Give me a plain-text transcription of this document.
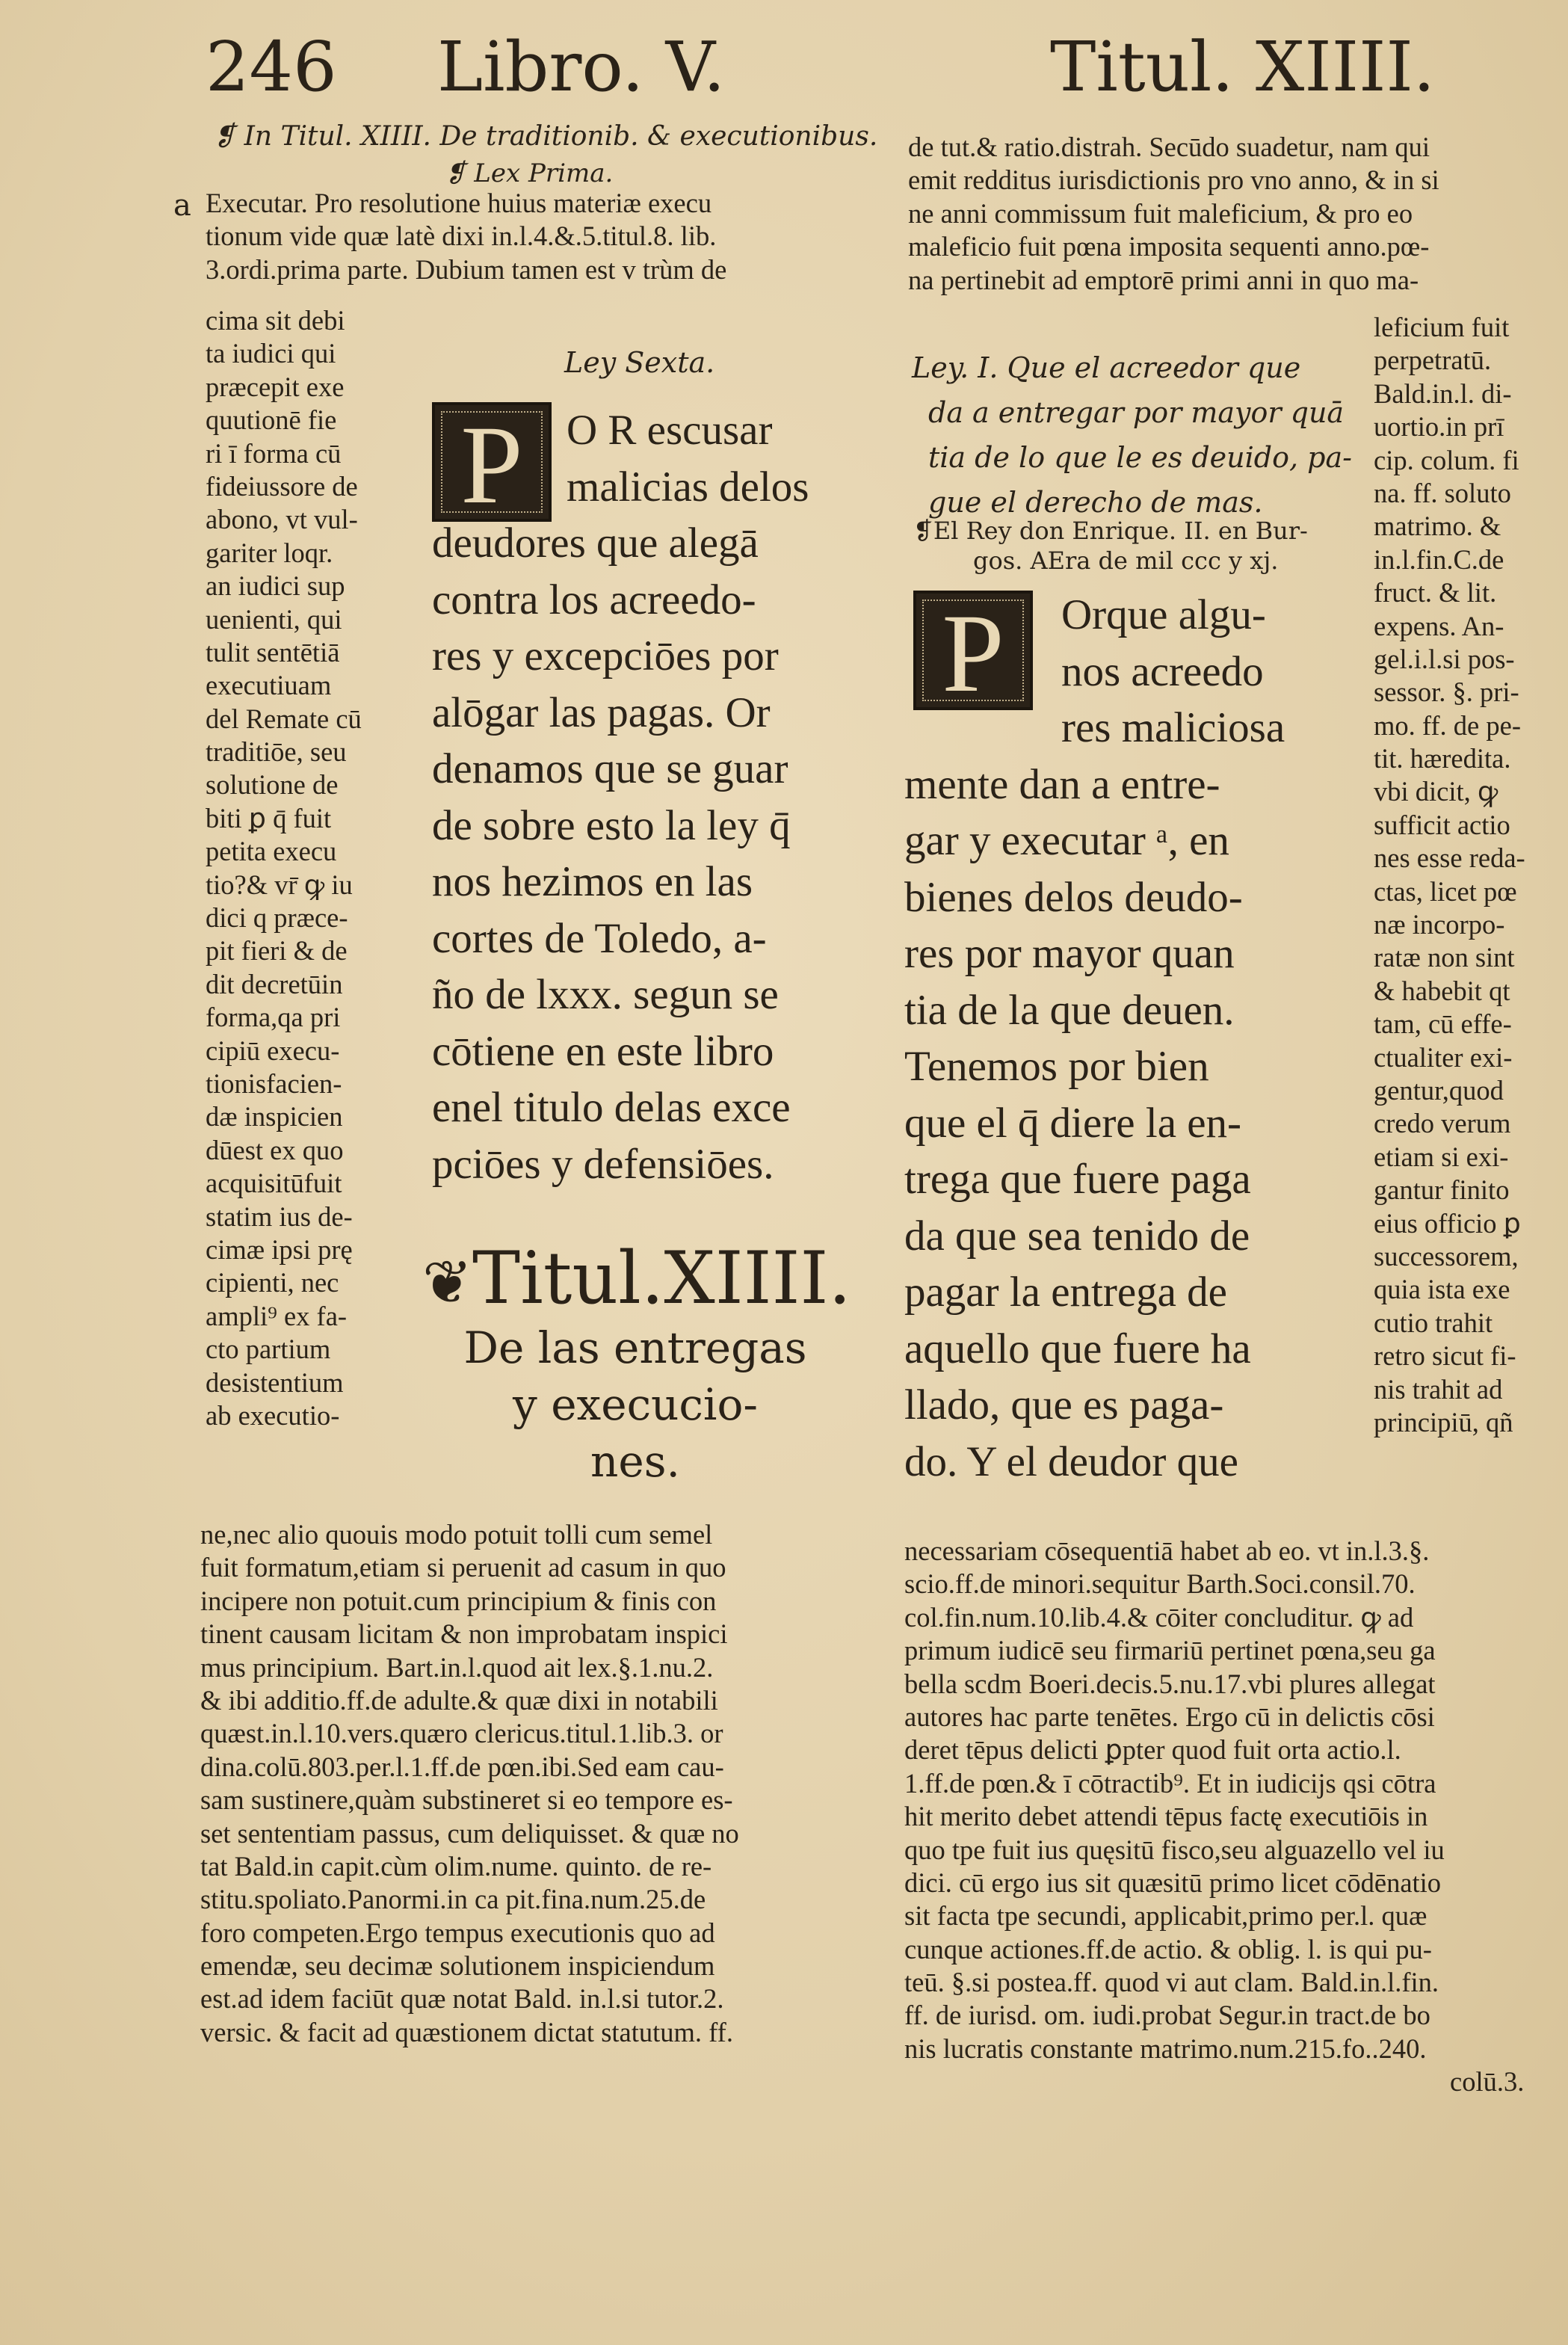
246 Libro. V.	Titul. XIIII.
❡ In Titul. XIIII. De traditionib. & executionibus.
❡ Lex Prima.
a Executar. Pro resolutione huius materiæ execu
tionum vide quæ latè dixi in.l.4.&.5.titul.8. lib.
3.ordi.prima parte. Dubium tamen est v trùm de
cima sit debi
ta iudici qui
præcepit exe
quutionē fie
ri ī forma cū
fideiussore de
abono, vt vul-
gariter loqr.
an iudici sup
uenienti, qui
tulit sentētiā
executiuam
del Remate cū
traditiōe, seu
solutione de
biti ꝑ q̄ fuit
petita execu
tio?& vr̄ ꝙ iu
dici q præce-
pit fieri & de
dit decretūin
forma,qa pri
cipiū execu-
tionisfacien-
dæ inspicien
dūest ex quo
acquisitūfuit
statim ius de-
cimæ ipsi prę
cipienti, nec
ampli⁹ ex fa-
cto partium
desistentium
ab executio-
ne,nec alio quouis modo potuit tolli cum semel
fuit formatum,etiam si peruenit ad casum in quo
incipere non potuit.cum principium & finis con
tinent causam licitam & non improbatam inspici
mus principium. Bart.in.l.quod ait lex.§.1.nu.2.
& ibi additio.ff.de adulte.& quæ dixi in notabili
quæst.in.l.10.vers.quæro clericus.titul.1.lib.3. or
dina.colū.803.per.l.1.ff.de pœn.ibi.Sed eam cau-
sam sustinere,quàm substineret si eo tempore es-
set sententiam passus, cum deliquisset. & quæ no
tat Bald.in capit.cùm olim.nume. quinto. de re-
stitu.spoliato.Panormi.in ca pit.fina.num.25.de
foro competen.Ergo tempus executionis quo ad
emendæ, seu decimæ solutionem inspiciendum
est.ad idem faciūt quæ notat Bald. in.l.si tutor.2.
versic. & facit ad quæstionem dictat statutum. ff.
Ley Sexta.
P	O R escusar
malicias delos
deudores que alegā
contra los acreedo-
res y excepciōes por
alōgar las pagas. Or
denamos que se guar
de sobre esto la ley q̄
nos hezimos en las
cortes de Toledo, a-
ño de lxxx. segun se
cōtiene en este libro
enel titulo delas exce
pciōes y defensiōes.
❦Titul.XIIII.
De las entregas
y execucio-
nes.
de tut.& ratio.distrah. Secūdo suadetur, nam qui
emit redditus iurisdictionis pro vno anno, & in si
ne anni commissum fuit maleficium, & pro eo
maleficio fuit pœna imposita sequenti anno.pœ-
na pertinebit ad emptorē primi anni in quo ma-
leficium fuit
perpetratū.
Bald.in.l. di-
uortio.in prī
cip. colum. fi
na. ff. soluto
matrimo. &
in.l.fin.C.de
fruct. & lit.
expens. An-
gel.i.l.si pos-
sessor. §. pri-
mo. ff. de pe-
tit. hæredita.
vbi dicit, ꝙ
sufficit actio
nes esse reda-
ctas, licet pœ
næ incorpo-
ratæ non sint
& habebit qt
tam, cū effe-
ctualiter exi-
gentur,quod
credo verum
etiam si exi-
gantur finito
eius officio ꝑ
successorem,
quia ista exe
cutio trahit
retro sicut fi-
nis trahit ad
principiū, qñ
Ley. I. Que el acreedor que
da a entregar por mayor quā
tia de lo que le es deuido, pa-
gue el derecho de mas.
❡El Rey don Enrique. II. en Bur-
gos. AEra de mil ccc y xj.
P	Orque algu-
nos acreedo
res maliciosa
mente dan a entre-
gar y executar ᵃ, en
bienes delos deudo-
res por mayor quan
tia de la que deuen.
Tenemos por bien
que el q̄ diere la en-
trega que fuere paga
da que sea tenido de
pagar la entrega de
aquello que fuere ha
llado, que es paga-
do. Y el deudor que
necessariam cōsequentiā habet ab eo. vt in.l.3.§.
scio.ff.de minori.sequitur Barth.Soci.consil.70.
col.fin.num.10.lib.4.& cōiter concluditur. ꝙ ad
primum iudicē seu firmariū pertinet pœna,seu ga
bella scdm Boeri.decis.5.nu.17.vbi plures allegat
autores hac parte tenētes. Ergo cū in delictis cōsi
deret tēpus delicti ꝑpter quod fuit orta actio.l.
1.ff.de pœn.& ī cōtractib⁹. Et in iudicijs qsi cōtra
hit merito debet attendi tēpus factę executiōis in
quo tpe fuit ius quęsitū fisco,seu alguazello vel iu
dici. cū ergo ius sit quæsitū primo licet cōdēnatio
sit facta tpe secundi, applicabit,primo per.l. quæ
cunque actiones.ff.de actio. & oblig. l. is qui pu-
teū. §.si postea.ff. quod vi aut clam. Bald.in.l.fin.
ff. de iurisd. om. iudi.probat Segur.in tract.de bo
nis lucratis constante matrimo.num.215.fo..240.
colū.3.
